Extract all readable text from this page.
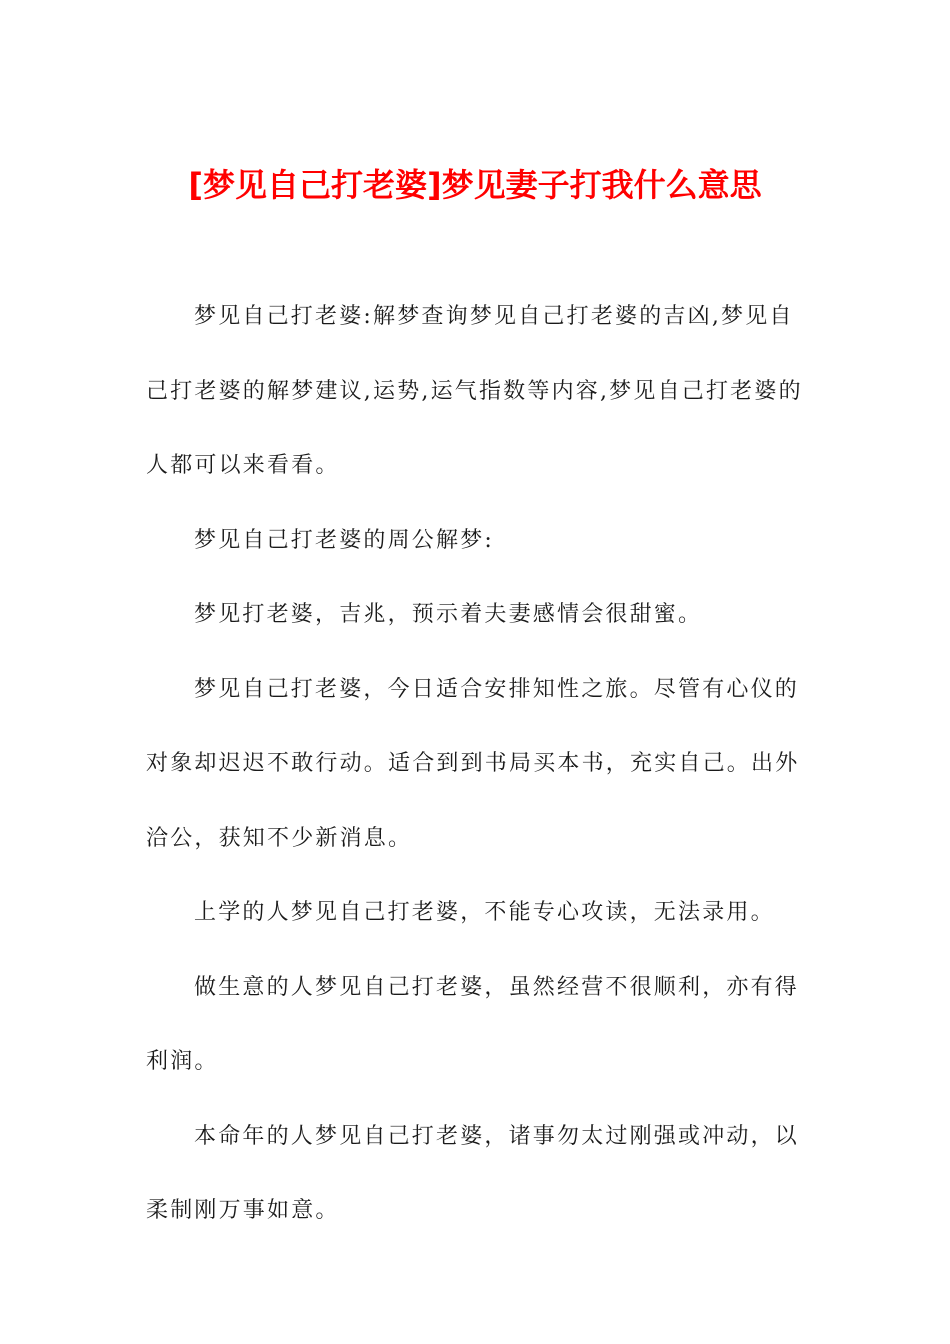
[梦见自己打老婆]梦见妻子打我什么意思

梦见自己打老婆:解梦查询梦见自己打老婆的吉凶,梦见自己打老婆的解梦建议,运势,运气指数等内容,梦见自己打老婆的人都可以来看看。

梦见自己打老婆的周公解梦:

梦见打老婆，吉兆，预示着夫妻感情会很甜蜜。

梦见自己打老婆，今日适合安排知性之旅。尽管有心仪的对象却迟迟不敢行动。适合到到书局买本书，充实自己。出外洽公，获知不少新消息。

上学的人梦见自己打老婆，不能专心攻读，无法录用。

做生意的人梦见自己打老婆，虽然经营不很顺利，亦有得利润。

本命年的人梦见自己打老婆，诸事勿太过刚强或冲动，以柔制刚万事如意。
